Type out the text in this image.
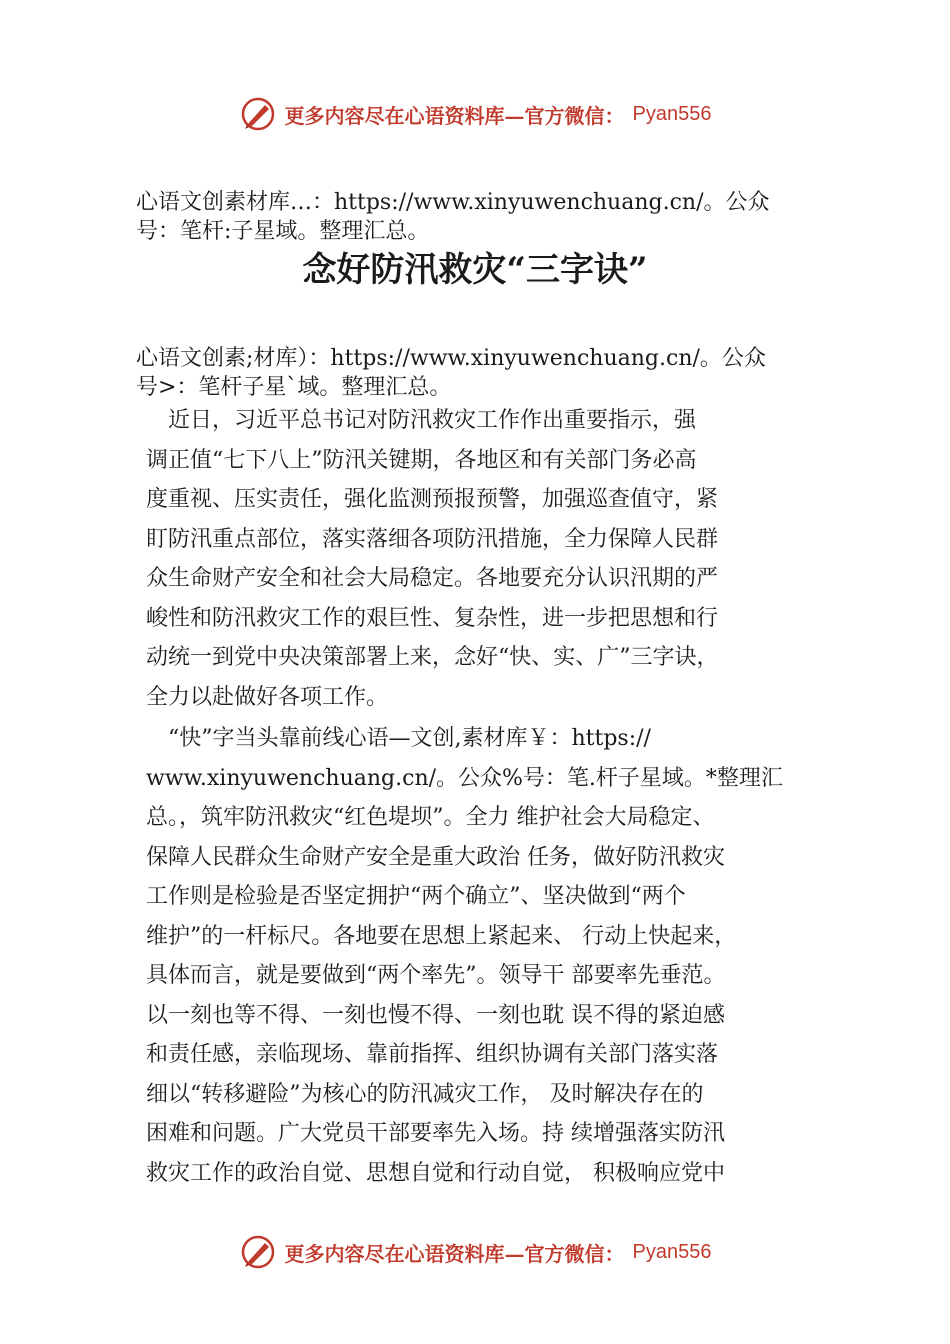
更多内容尽在心语资料库—官方微信： Pyan556
心语文创素材库…：https://www.xinyuwenchuang.cn/。公众
号：笔杆:子星域。整理汇总。
念好防汛救灾“三字诀”
心语文创素;材库）：https://www.xinyuwenchuang.cn/。公众
号>：笔杆子星`域。整理汇总。
　近日，习近平总书记对防汛救灾工作作出重要指示，强
调正值“七下八上”防汛关键期，各地区和有关部门务必高
度重视、压实责任，强化监测预报预警，加强巡查值守，紧
盯防汛重点部位，落实落细各项防汛措施，全力保障人民群
众生命财产安全和社会大局稳定。各地要充分认识汛期的严
峻性和防汛救灾工作的艰巨性、复杂性，进一步把思想和行
动统一到党中央决策部署上来，念好“快、实、广”三字诀，
全力以赴做好各项工作。
　“快”字当头靠前线心语—文创,素材库￥：https://
www.xinyuwenchuang.cn/。公众%号：笔.杆子星域。*整理汇
总。，筑牢防汛救灾“红色堤坝”。全力 维护社会大局稳定、
保障人民群众生命财产安全是重大政治 任务，做好防汛救灾
工作则是检验是否坚定拥护“两个确立”、坚决做到“两个
维护”的一杆标尺。各地要在思想上紧起来、 行动上快起来，
具体而言，就是要做到“两个率先”。领导干 部要率先垂范。
以一刻也等不得、一刻也慢不得、一刻也耽 误不得的紧迫感
和责任感，亲临现场、靠前指挥、组织协调有关部门落实落
细以“转移避险”为核心的防汛减灾工作， 及时解决存在的
困难和问题。广大党员干部要率先入场。持 续增强落实防汛
救灾工作的政治自觉、思想自觉和行动自觉， 积极响应党中
更多内容尽在心语资料库—官方微信： Pyan556
